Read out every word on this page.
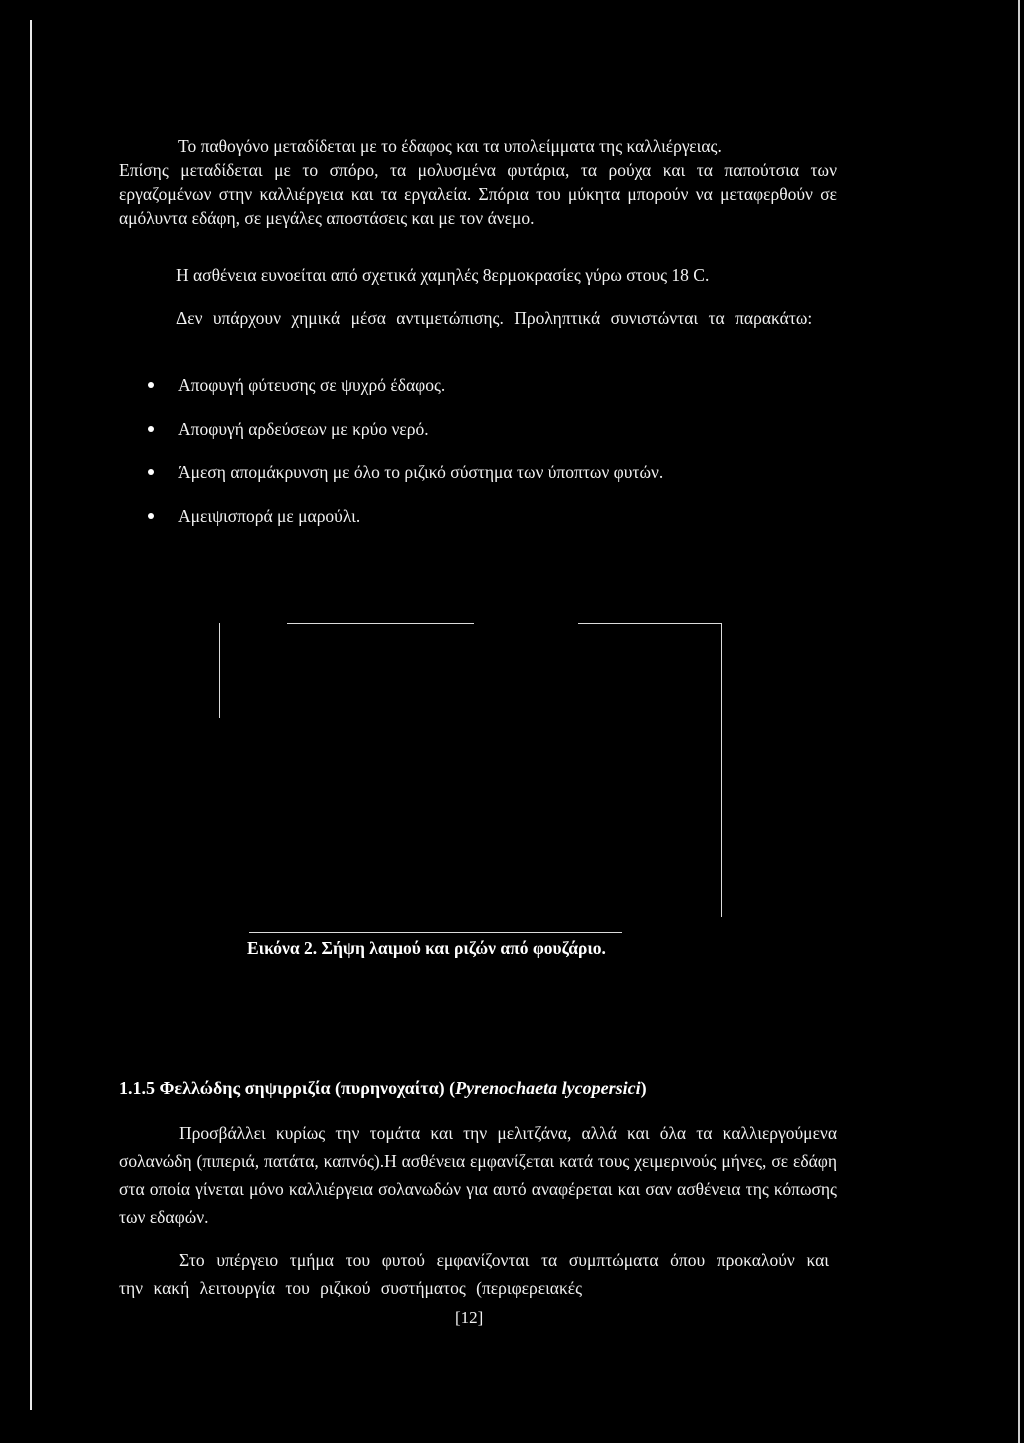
Το παθογόνο μεταδίδεται με το έδαφος και τα υπολείμματα της καλλιέργειας.

Επίσης μεταδίδεται με το σπόρο, τα μολυσμένα φυτάρια, τα ρούχα και τα παπούτσια των εργαζομένων στην καλλιέργεια και τα εργαλεία. Σπόρια του μύκητα μπορούν να μεταφερθούν σε αμόλυντα εδάφη, σε μεγάλες αποστάσεις και με τον άνεμο.

Η ασθένεια ευνοείται από σχετικά χαμηλές 8ερμοκρασίες γύρω στους 18 C.

Δεν υπάρχουν χημικά μέσα αντιμετώπισης. Προληπτικά συνιστώνται τα παρακάτω:

Αποφυγή φύτευσης σε ψυχρό έδαφος.
Αποφυγή αρδεύσεων με κρύο νερό.
Άμεση απομάκρυνση με όλο το ριζικό σύστημα των ύποπτων φυτών.
Αμειψισπορά με μαρούλι.
Εικόνα 2. Σήψη λαιμού και ριζών από φουζάριο.
1.1.5 Φελλώδης σηψιρριζία (πυρηνοχαίτα) (Pyrenochaeta lycopersici)

Προσβάλλει κυρίως την τομάτα και την μελιτζάνα, αλλά και όλα τα καλλιεργούμενα σολανώδη (πιπεριά, πατάτα, καπνός).Η ασθένεια εμφανίζεται κατά τους χειμερινούς μήνες, σε εδάφη στα οποία γίνεται μόνο καλλιέργεια σολανωδών για αυτό αναφέρεται και σαν ασθένεια της κόπωσης των εδαφών.

Στο υπέργειο τμήμα του φυτού εμφανίζονται τα συμπτώματα όπου προκαλούν και την κακή λειτουργία του ριζικού συστήματος (περιφερειακές

[12]
